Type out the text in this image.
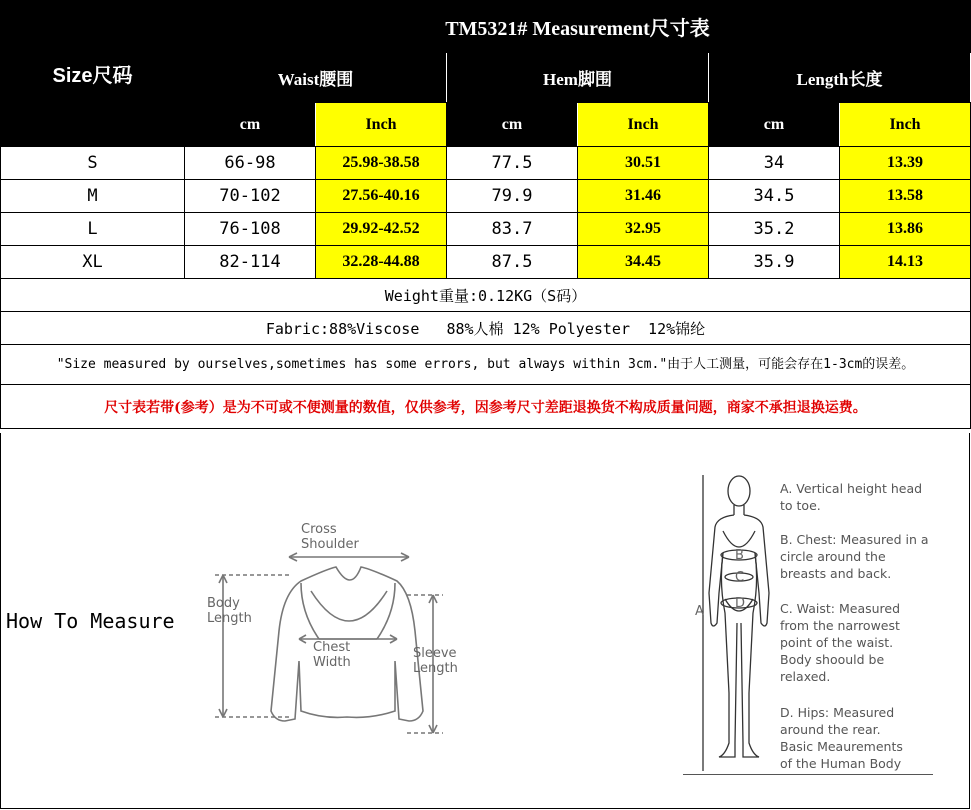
Size尺码	TM5321# Measurement尺寸表					
	Waist腰围		Hem脚围		Length长度	
	cm	Inch	cm	Inch	cm	Inch
S	66-98	25.98-38.58	77.5	30.51	34	13.39
M	70-102	27.56-40.16	79.9	31.46	34.5	13.58
L	76-108	29.92-42.52	83.7	32.95	35.2	13.86
XL	82-114	32.28-44.88	87.5	34.45	35.9	14.13
Weight重量:0.12KG（S码）						
Fabric:88%Viscose   88%人棉 12% Polyester  12%锦纶						
"Size measured by ourselves,sometimes has some errors, but always within 3cm."由于人工测量，可能会存在1-3cm的误差。						
尺寸表若带(参考）是为不可或不便测量的数值，仅供参考，因参考尺寸差距退换货不构成质量问题，商家不承担退换运费。						
How To Measure
Cross Shoulder
Body Length
Chest Width
Sleeve Length
B
C
D
A
A. Vertical height head
to toe.
B. Chest: Measured in a
circle around the
breasts and back.
C. Waist: Measured
from the narrowest
point of the waist.
Body shoould be
relaxed.
D. Hips: Measured
around the rear.
Basic Meaurements
of the Human Body
